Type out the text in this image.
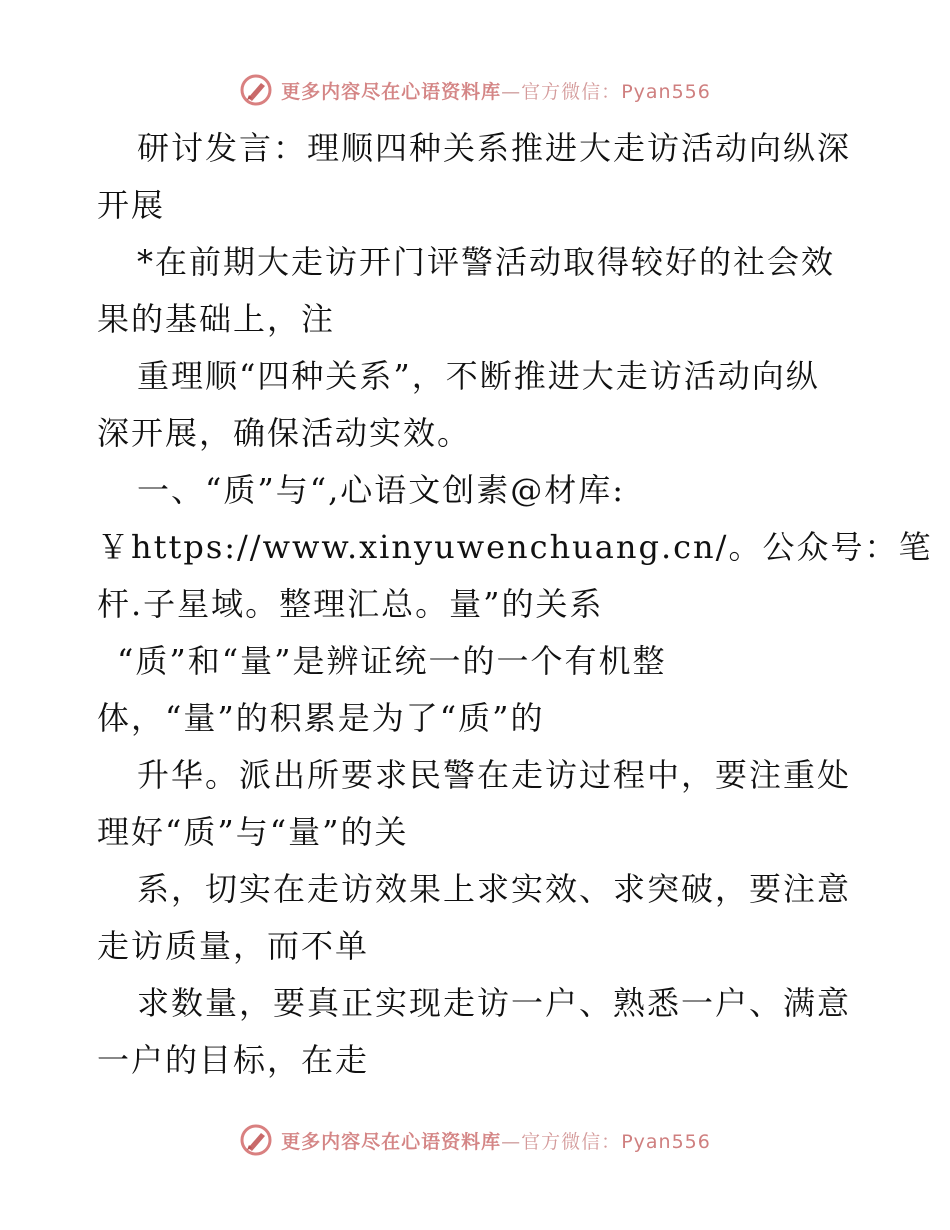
更多内容尽在心语资料库—官方微信：Pyan556
研讨发言：理顺四种关系推进大走访活动向纵深
开展
*在前期大走访开门评警活动取得较好的社会效
果的基础上，注
重理顺“四种关系”，不断推进大走访活动向纵
深开展，确保活动实效。
一、“质”与“,心语文创素@材库:
￥https://www.xinyuwenchuang.cn/。公众号：笔
杆.子星域。整理汇总。量”的关系
“质”和“量”是辨证统一的一个有机整
体，“量”的积累是为了“质”的
升华。派出所要求民警在走访过程中，要注重处
理好“质”与“量”的关
系，切实在走访效果上求实效、求突破，要注意
走访质量，而不单
求数量，要真正实现走访一户、熟悉一户、满意
一户的目标，在走
更多内容尽在心语资料库—官方微信：Pyan556
